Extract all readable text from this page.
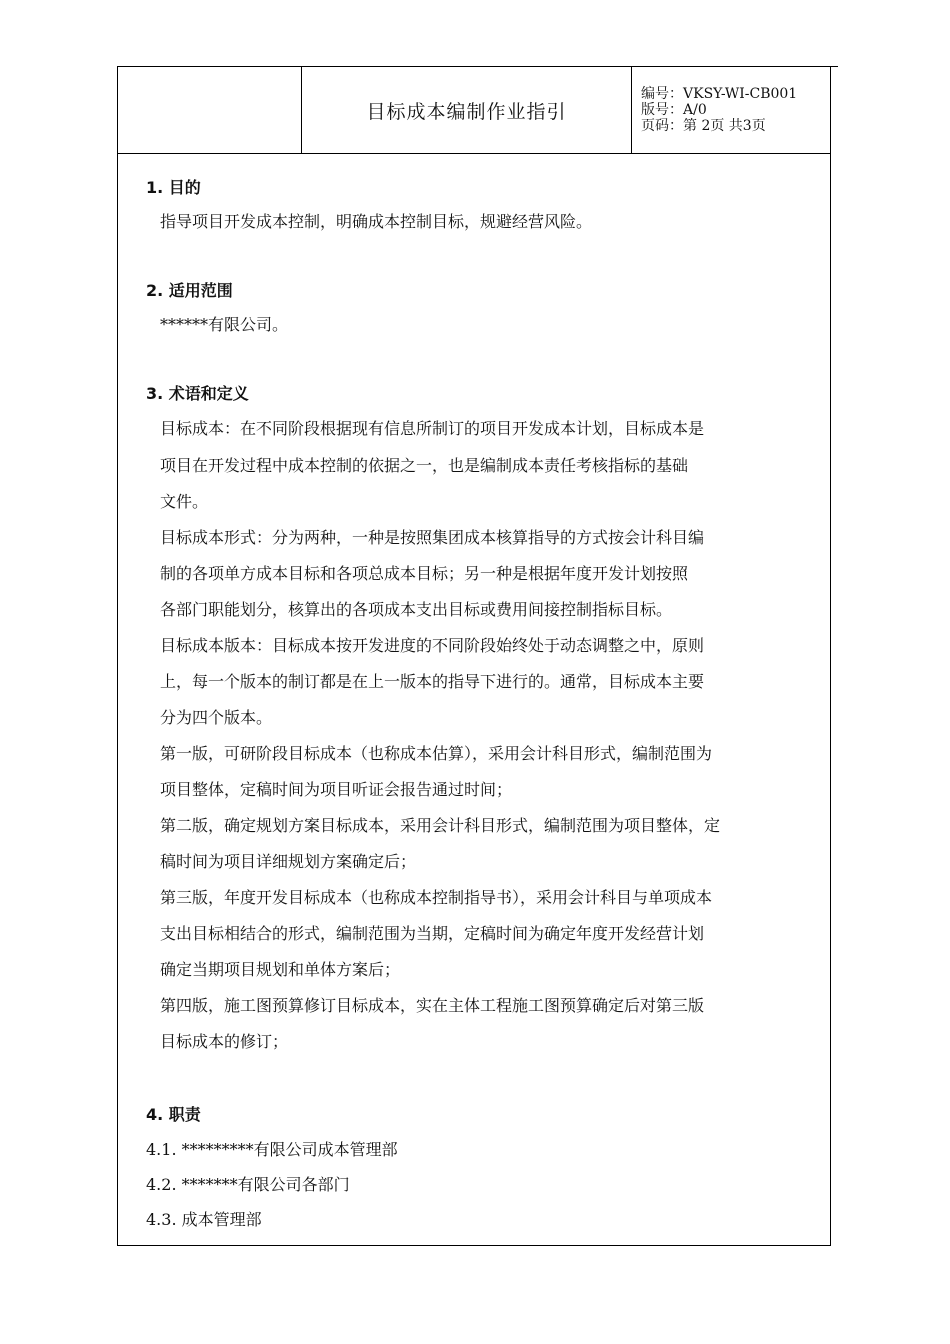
目标成本编制作业指引
编号：VKSY-WI-CB001
版号：A/0
页码：第 2页 共3页
1. 目的
指导项目开发成本控制，明确成本控制目标，规避经营风险。
2. 适用范围
******有限公司。
3. 术语和定义
目标成本：在不同阶段根据现有信息所制订的项目开发成本计划，目标成本是
项目在开发过程中成本控制的依据之一，也是编制成本责任考核指标的基础
文件。
目标成本形式：分为两种，一种是按照集团成本核算指导的方式按会计科目编
制的各项单方成本目标和各项总成本目标；另一种是根据年度开发计划按照
各部门职能划分，核算出的各项成本支出目标或费用间接控制指标目标。
目标成本版本：目标成本按开发进度的不同阶段始终处于动态调整之中，原则
上，每一个版本的制订都是在上一版本的指导下进行的。通常，目标成本主要
分为四个版本。
第一版，可研阶段目标成本（也称成本估算），采用会计科目形式，编制范围为
项目整体，定稿时间为项目听证会报告通过时间；
第二版，确定规划方案目标成本，采用会计科目形式，编制范围为项目整体，定
稿时间为项目详细规划方案确定后；
第三版，年度开发目标成本（也称成本控制指导书），采用会计科目与单项成本
支出目标相结合的形式，编制范围为当期，定稿时间为确定年度开发经营计划
确定当期项目规划和单体方案后；
第四版，施工图预算修订目标成本，实在主体工程施工图预算确定后对第三版
目标成本的修订；
4. 职责
4.1. *********有限公司成本管理部
4.2. *******有限公司各部门
4.3. 成本管理部
